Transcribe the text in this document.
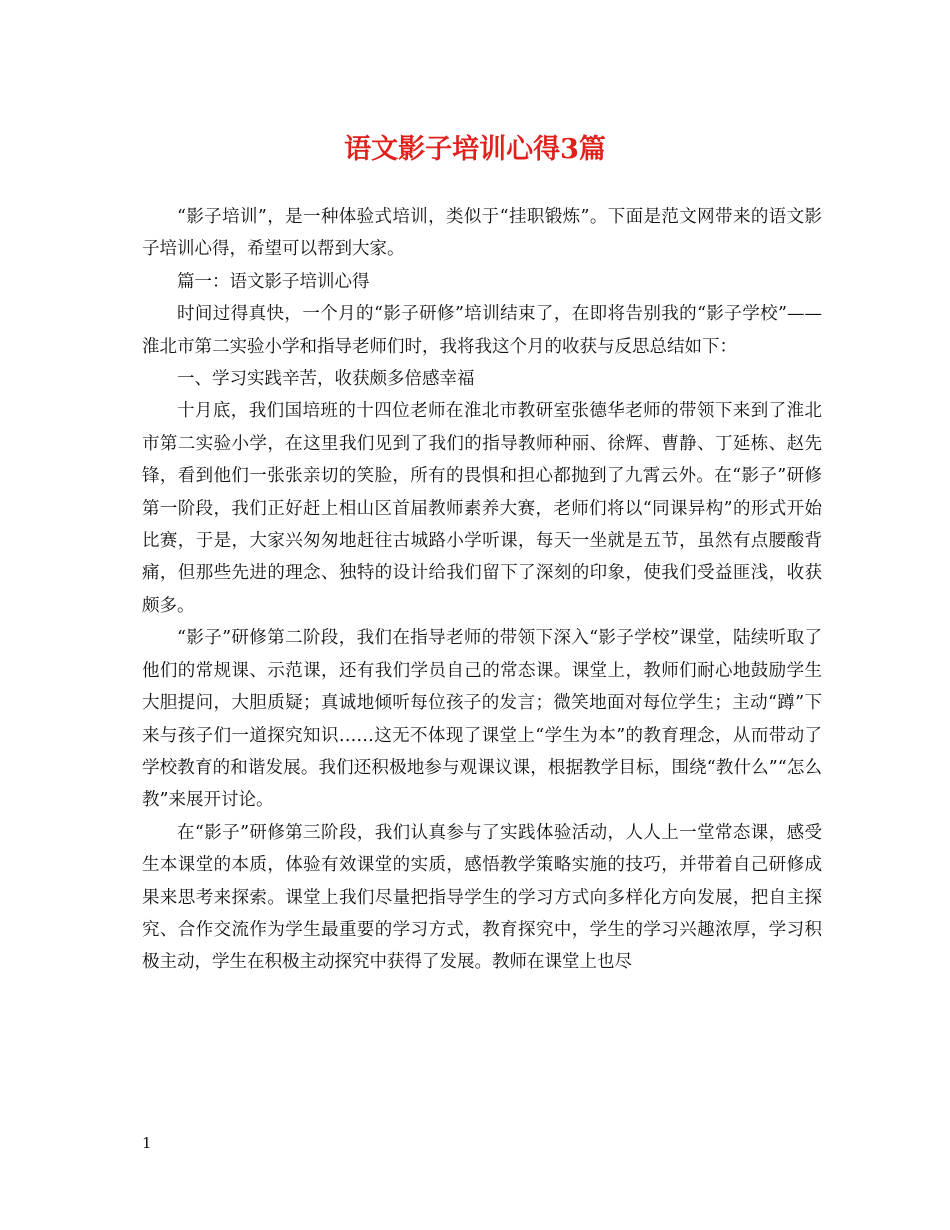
语文影子培训心得3篇

“影子培训”，是一种体验式培训，类似于“挂职锻炼”。下面是范文网带来的语文影子培训心得，希望可以帮到大家。

篇一：语文影子培训心得

时间过得真快，一个月的“影子研修”培训结束了，在即将告别我的“影子学校”——淮北市第二实验小学和指导老师们时，我将我这个月的收获与反思总结如下：

一、学习实践辛苦，收获颇多倍感幸福

十月底，我们国培班的十四位老师在淮北市教研室张德华老师的带领下来到了淮北市第二实验小学，在这里我们见到了我们的指导教师种丽、徐辉、曹静、丁延栋、赵先锋，看到他们一张张亲切的笑脸，所有的畏惧和担心都抛到了九霄云外。在“影子”研修第一阶段，我们正好赶上相山区首届教师素养大赛，老师们将以“同课异构”的形式开始比赛，于是，大家兴匆匆地赶往古城路小学听课，每天一坐就是五节，虽然有点腰酸背痛，但那些先进的理念、独特的设计给我们留下了深刻的印象，使我们受益匪浅，收获颇多。

“影子”研修第二阶段，我们在指导老师的带领下深入“影子学校”课堂，陆续听取了他们的常规课、示范课，还有我们学员自己的常态课。课堂上，教师们耐心地鼓励学生大胆提问，大胆质疑；真诚地倾听每位孩子的发言；微笑地面对每位学生；主动“蹲”下来与孩子们一道探究知识……这无不体现了课堂上“学生为本”的教育理念，从而带动了学校教育的和谐发展。我们还积极地参与观课议课，根据教学目标，围绕“教什么”“怎么教”来展开讨论。

在“影子”研修第三阶段，我们认真参与了实践体验活动，人人上一堂常态课，感受生本课堂的本质，体验有效课堂的实质，感悟教学策略实施的技巧，并带着自己研修成果来思考来探索。课堂上我们尽量把指导学生的学习方式向多样化方向发展，把自主探究、合作交流作为学生最重要的学习方式，教育探究中，学生的学习兴趣浓厚，学习积极主动，学生在积极主动探究中获得了发展。教师在课堂上也尽

1
